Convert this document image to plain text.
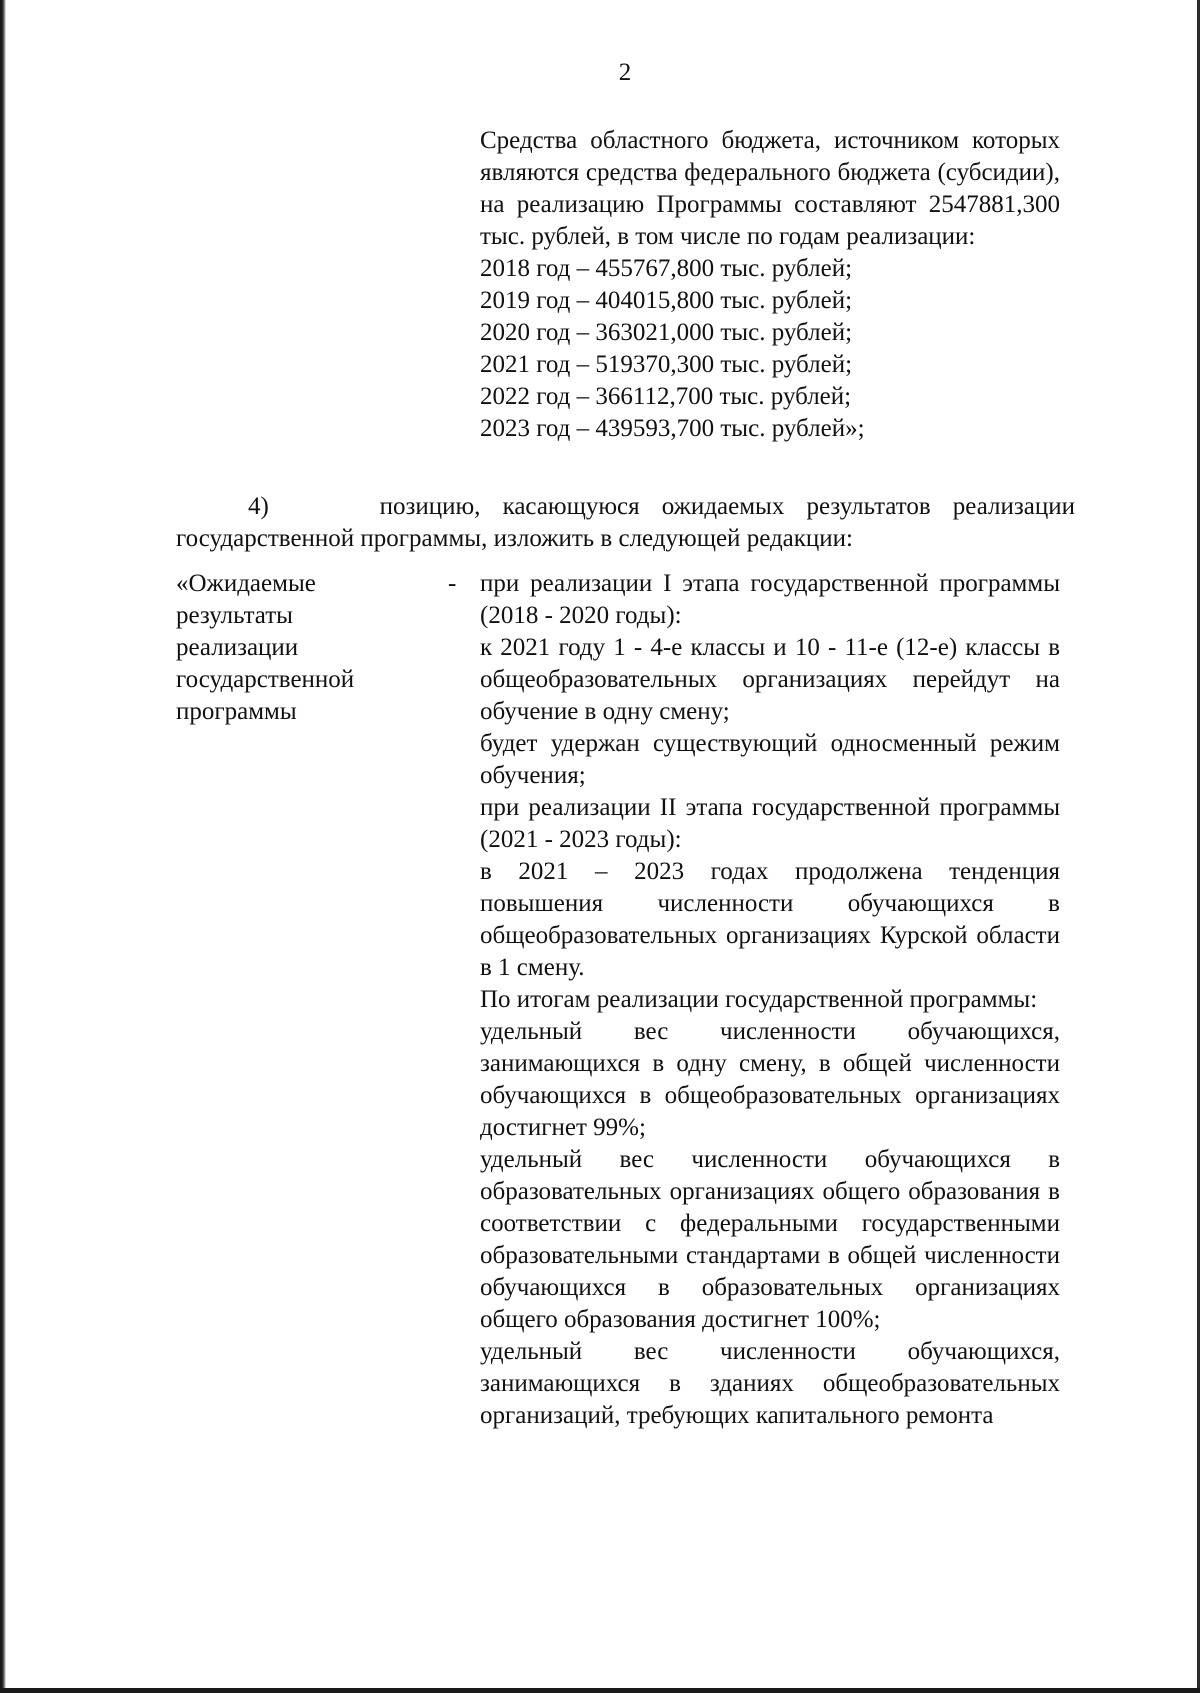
2

Средства областного бюджета, источником которых являются средства федерального бюджета (субсидии), на реализацию Программы составляют 2547881,300 тыс. рублей, в том числе по годам реализации:

2018 год – 455767,800 тыс. рублей;

2019 год – 404015,800 тыс. рублей;

2020 год – 363021,000 тыс. рублей;

2021 год – 519370,300 тыс. рублей;

2022 год – 366112,700 тыс. рублей;

2023 год – 439593,700 тыс. рублей»;

4)     позицию, касающуюся ожидаемых результатов реализации государственной программы, изложить в следующей редакции:

«Ожидаемые

результаты

реализации

государственной

программы

- при реализации I этапа государственной программы (2018 - 2020 годы):

к 2021 году 1 - 4-е классы и 10 - 11-е (12-е) классы в общеобразовательных организациях перейдут на обучение в одну смену;

будет удержан существующий односменный режим обучения;

при реализации II этапа государственной программы (2021 - 2023 годы):

в 2021 – 2023 годах продолжена тенденция повышения численности обучающихся в общеобразовательных организациях Курской области в 1 смену.

По итогам реализации государственной программы:

удельный вес численности обучающихся, занимающихся в одну смену, в общей численности обучающихся в общеобразовательных организациях достигнет 99%;

удельный вес численности обучающихся в образовательных организациях общего образования в соответствии с федеральными государственными образовательными стандартами в общей численности обучающихся в образовательных организациях общего образования достигнет 100%;

удельный вес численности обучающихся, занимающихся в зданиях общеобразовательных организаций, требующих капитального ремонта
